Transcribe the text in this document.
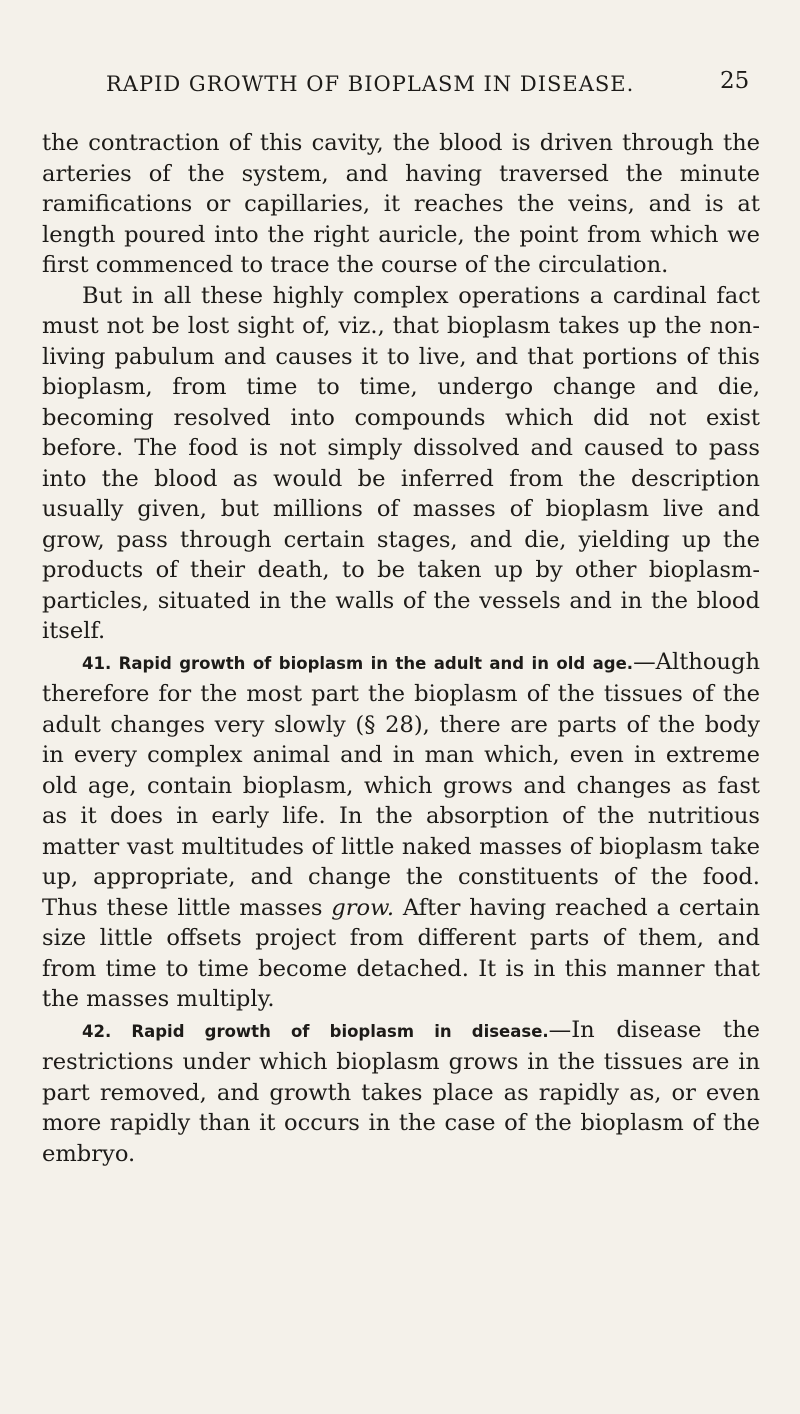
RAPID GROWTH OF BIOPLASM IN DISEASE.	25

the contraction of this cavity, the blood is driven through the arteries of the system, and having traversed the minute ramifications or capillaries, it reaches the veins, and is at length poured into the right auricle, the point from which we first commenced to trace the course of the circulation.

But in all these highly complex operations a cardinal fact must not be lost sight of, viz., that bioplasm takes up the non-living pabulum and causes it to live, and that portions of this bioplasm, from time to time, undergo change and die, becoming resolved into compounds which did not exist before. The food is not simply dissolved and caused to pass into the blood as would be inferred from the description usually given, but millions of masses of bioplasm live and grow, pass through certain stages, and die, yielding up the products of their death, to be taken up by other bioplasm-particles, situated in the walls of the vessels and in the blood itself.

41. Rapid growth of bioplasm in the adult and in old age.—Although therefore for the most part the bioplasm of the tissues of the adult changes very slowly (§ 28), there are parts of the body in every complex animal and in man which, even in extreme old age, contain bioplasm, which grows and changes as fast as it does in early life. In the absorption of the nutritious matter vast multitudes of little naked masses of bioplasm take up, appropriate, and change the constituents of the food. Thus these little masses grow. After having reached a certain size little offsets project from different parts of them, and from time to time become detached. It is in this manner that the masses multiply.

42. Rapid growth of bioplasm in disease.—In disease the restrictions under which bioplasm grows in the tissues are in part removed, and growth takes place as rapidly as, or even more rapidly than it occurs in the case of the bioplasm of the embryo.
